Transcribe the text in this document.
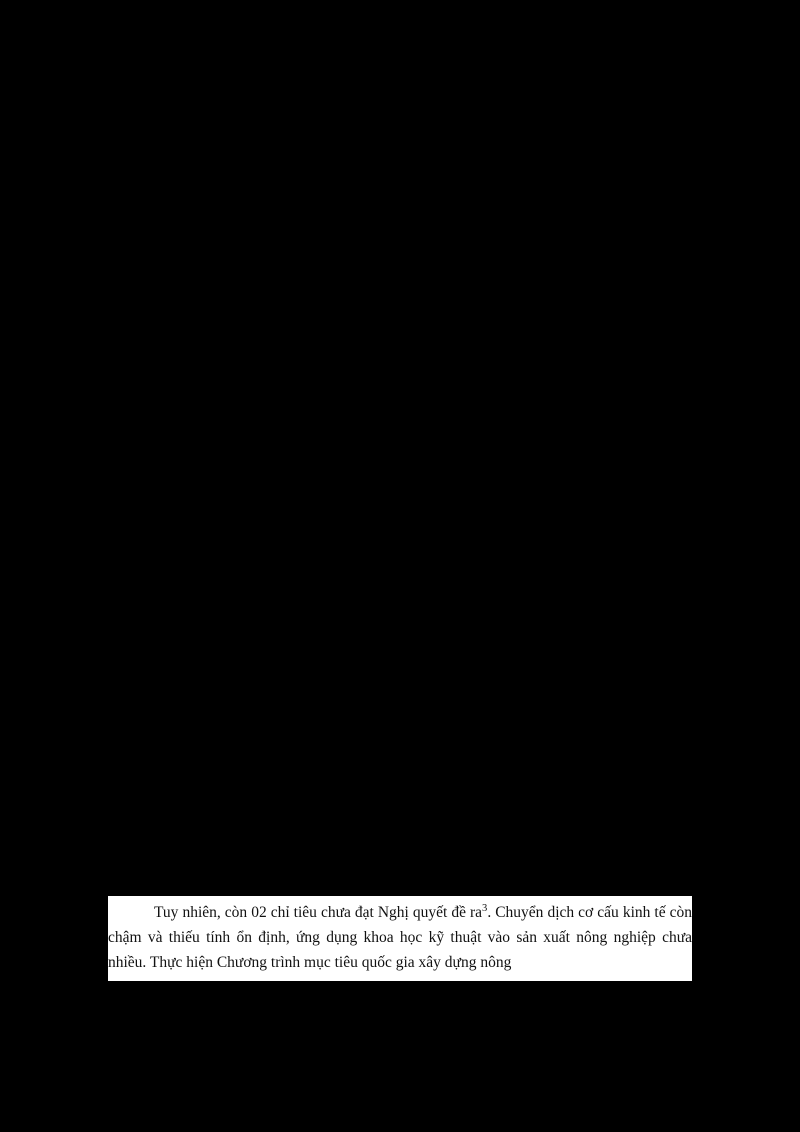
Tuy nhiên, còn 02 chỉ tiêu chưa đạt Nghị quyết đề $ra^3$. Chuyển dịch cơ cấu kinh tế còn chậm và thiếu tính ổn định, ứng dụng khoa học kỹ thuật vào sản xuất nông nghiệp chưa nhiều. Thực hiện Chương trình mục tiêu quốc gia xây dựng nông
